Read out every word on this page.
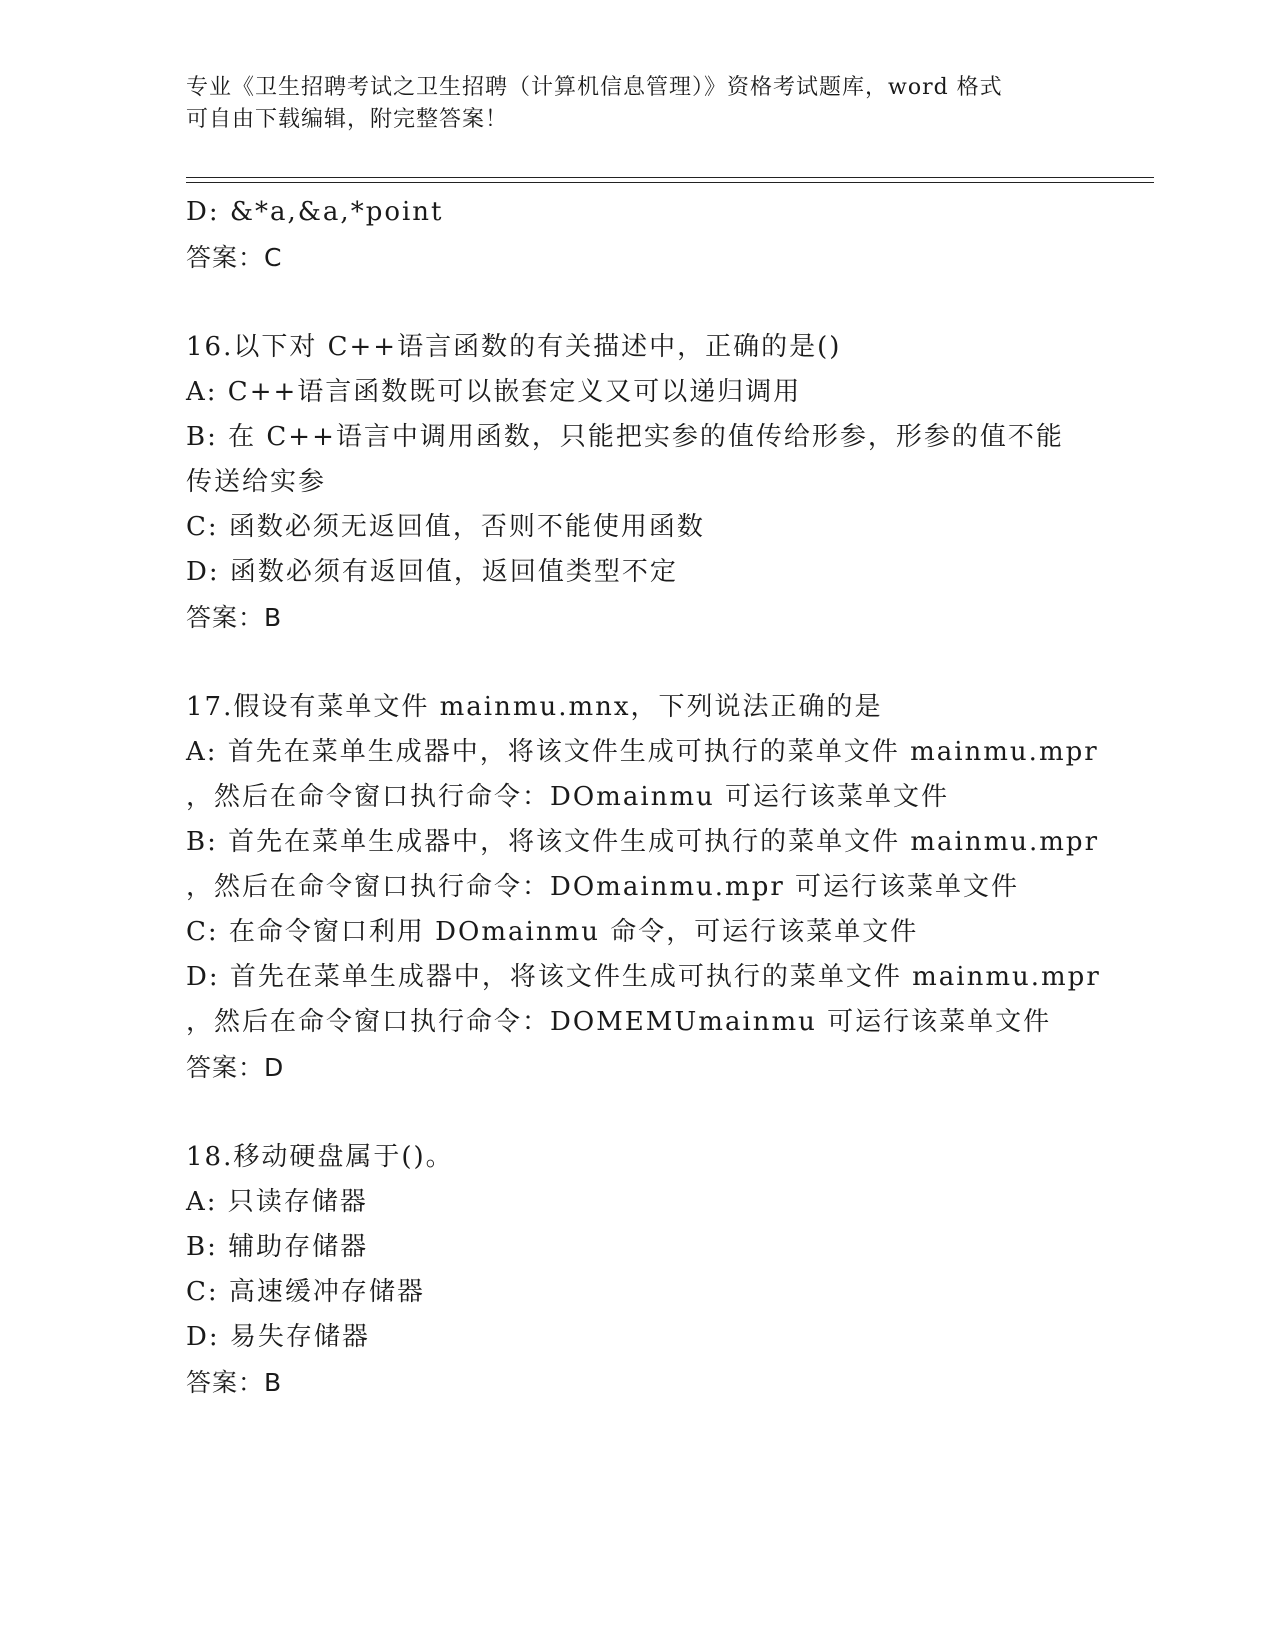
专业《卫生招聘考试之卫生招聘（计算机信息管理）》资格考试题库，word 格式
可自由下载编辑，附完整答案！
D: &*a,&a,*point
答案：C
16.以下对 C++语言函数的有关描述中，正确的是()
A: C++语言函数既可以嵌套定义又可以递归调用
B: 在 C++语言中调用函数，只能把实参的值传给形参，形参的值不能
传送给实参
C: 函数必须无返回值，否则不能使用函数
D: 函数必须有返回值，返回值类型不定
答案：B
17.假设有菜单文件 mainmu.mnx，下列说法正确的是
A: 首先在菜单生成器中，将该文件生成可执行的菜单文件 mainmu.mpr
，然后在命令窗口执行命令：DOmainmu 可运行该菜单文件
B: 首先在菜单生成器中，将该文件生成可执行的菜单文件 mainmu.mpr
，然后在命令窗口执行命令：DOmainmu.mpr 可运行该菜单文件
C: 在命令窗口利用 DOmainmu 命令，可运行该菜单文件
D: 首先在菜单生成器中，将该文件生成可执行的菜单文件 mainmu.mpr
，然后在命令窗口执行命令：DOMEMUmainmu 可运行该菜单文件
答案：D
18.移动硬盘属于()。
A: 只读存储器
B: 辅助存储器
C: 高速缓冲存储器
D: 易失存储器
答案：B
